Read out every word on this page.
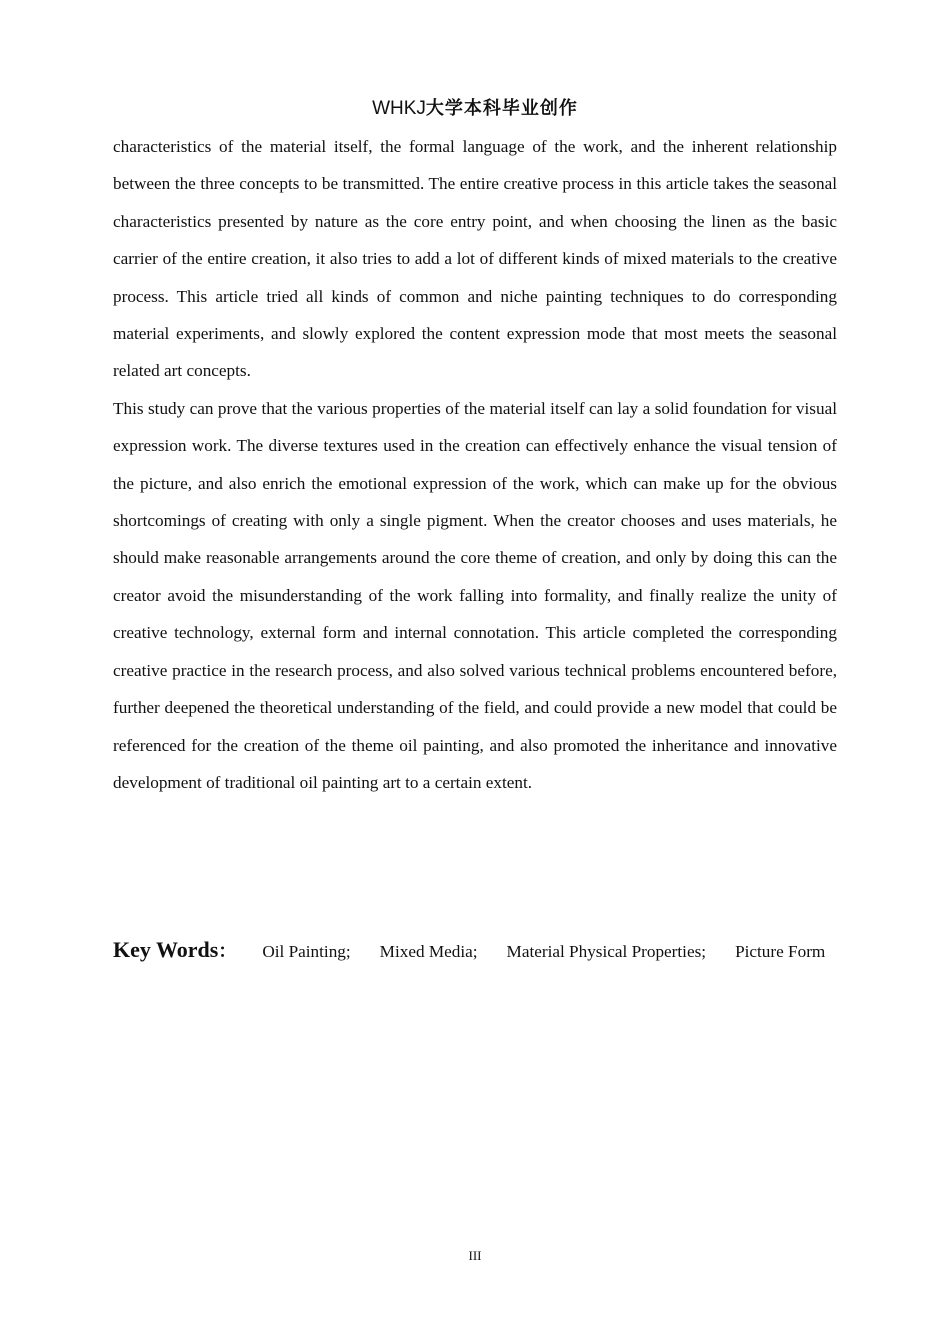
WHKJ大学本科毕业创作

characteristics of the material itself, the formal language of the work, and the inherent relationship between the three concepts to be transmitted. The entire creative process in this article takes the seasonal characteristics presented by nature as the core entry point, and when choosing the linen as the basic carrier of the entire creation, it also tries to add a lot of different kinds of mixed materials to the creative process. This article tried all kinds of common and niche painting techniques to do corresponding material experiments, and slowly explored the content expression mode that most meets the seasonal related art concepts.

This study can prove that the various properties of the material itself can lay a solid foundation for visual expression work. The diverse textures used in the creation can effectively enhance the visual tension of the picture, and also enrich the emotional expression of the work, which can make up for the obvious shortcomings of creating with only a single pigment. When the creator chooses and uses materials, he should make reasonable arrangements around the core theme of creation, and only by doing this can the creator avoid the misunderstanding of the work falling into formality, and finally realize the unity of creative technology, external form and internal connotation. This article completed the corresponding creative practice in the research process, and also solved various technical problems encountered before, further deepened the theoretical understanding of the field, and could provide a new model that could be referenced for the creation of the theme oil painting, and also promoted the inheritance and innovative development of traditional oil painting art to a certain extent.

Key Words： Oil Painting; Mixed Media; Material Physical Properties; Picture Form
III
